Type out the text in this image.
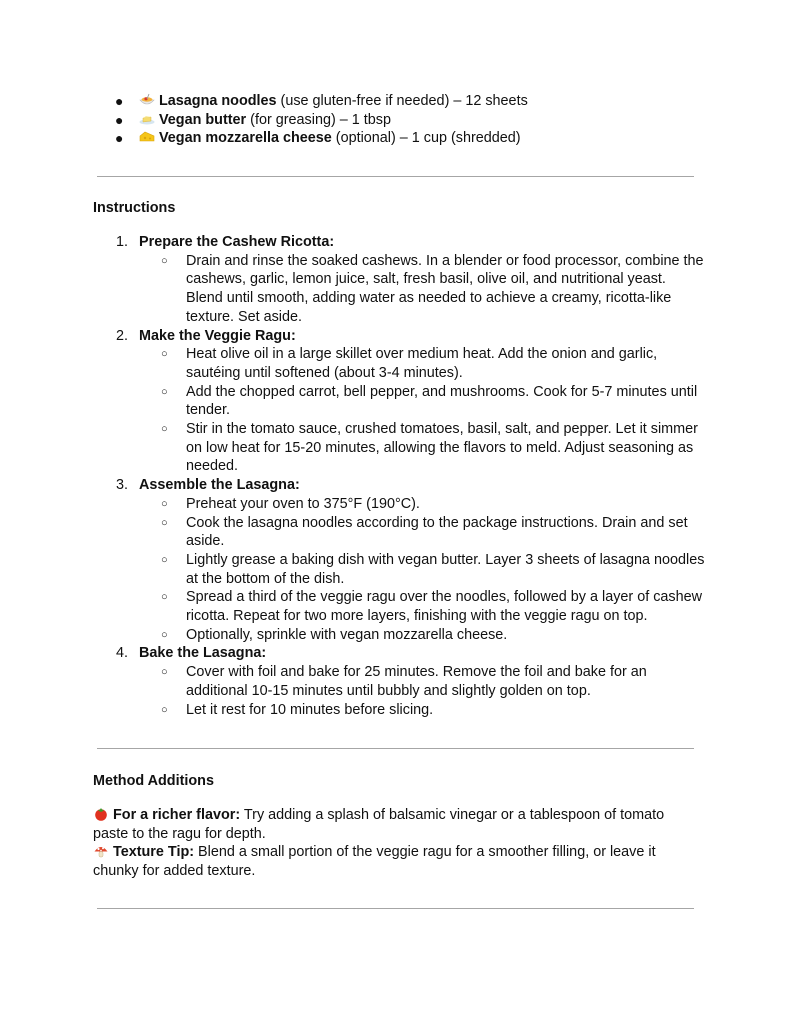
● Lasagna noodles (use gluten-free if needed) – 12 sheets
● Vegan butter (for greasing) – 1 tbsp
● Vegan mozzarella cheese (optional) – 1 cup (shredded)
Instructions
1. Prepare the Cashew Ricotta:
○ Drain and rinse the soaked cashews. In a blender or food processor, combine the cashews, garlic, lemon juice, salt, fresh basil, olive oil, and nutritional yeast. Blend until smooth, adding water as needed to achieve a creamy, ricotta-like texture. Set aside.
2. Make the Veggie Ragu:
○ Heat olive oil in a large skillet over medium heat. Add the onion and garlic, sautéing until softened (about 3-4 minutes).
○ Add the chopped carrot, bell pepper, and mushrooms. Cook for 5-7 minutes until tender.
○ Stir in the tomato sauce, crushed tomatoes, basil, salt, and pepper. Let it simmer on low heat for 15-20 minutes, allowing the flavors to meld. Adjust seasoning as needed.
3. Assemble the Lasagna:
○ Preheat your oven to 375°F (190°C).
○ Cook the lasagna noodles according to the package instructions. Drain and set aside.
○ Lightly grease a baking dish with vegan butter. Layer 3 sheets of lasagna noodles at the bottom of the dish.
○ Spread a third of the veggie ragu over the noodles, followed by a layer of cashew ricotta. Repeat for two more layers, finishing with the veggie ragu on top.
○ Optionally, sprinkle with vegan mozzarella cheese.
4. Bake the Lasagna:
○ Cover with foil and bake for 25 minutes. Remove the foil and bake for an additional 10-15 minutes until bubbly and slightly golden on top.
○ Let it rest for 10 minutes before slicing.
Method Additions

For a richer flavor: Try adding a splash of balsamic vinegar or a tablespoon of tomato paste to the ragu for depth.

Texture Tip: Blend a small portion of the veggie ragu for a smoother filling, or leave it chunky for added texture.
